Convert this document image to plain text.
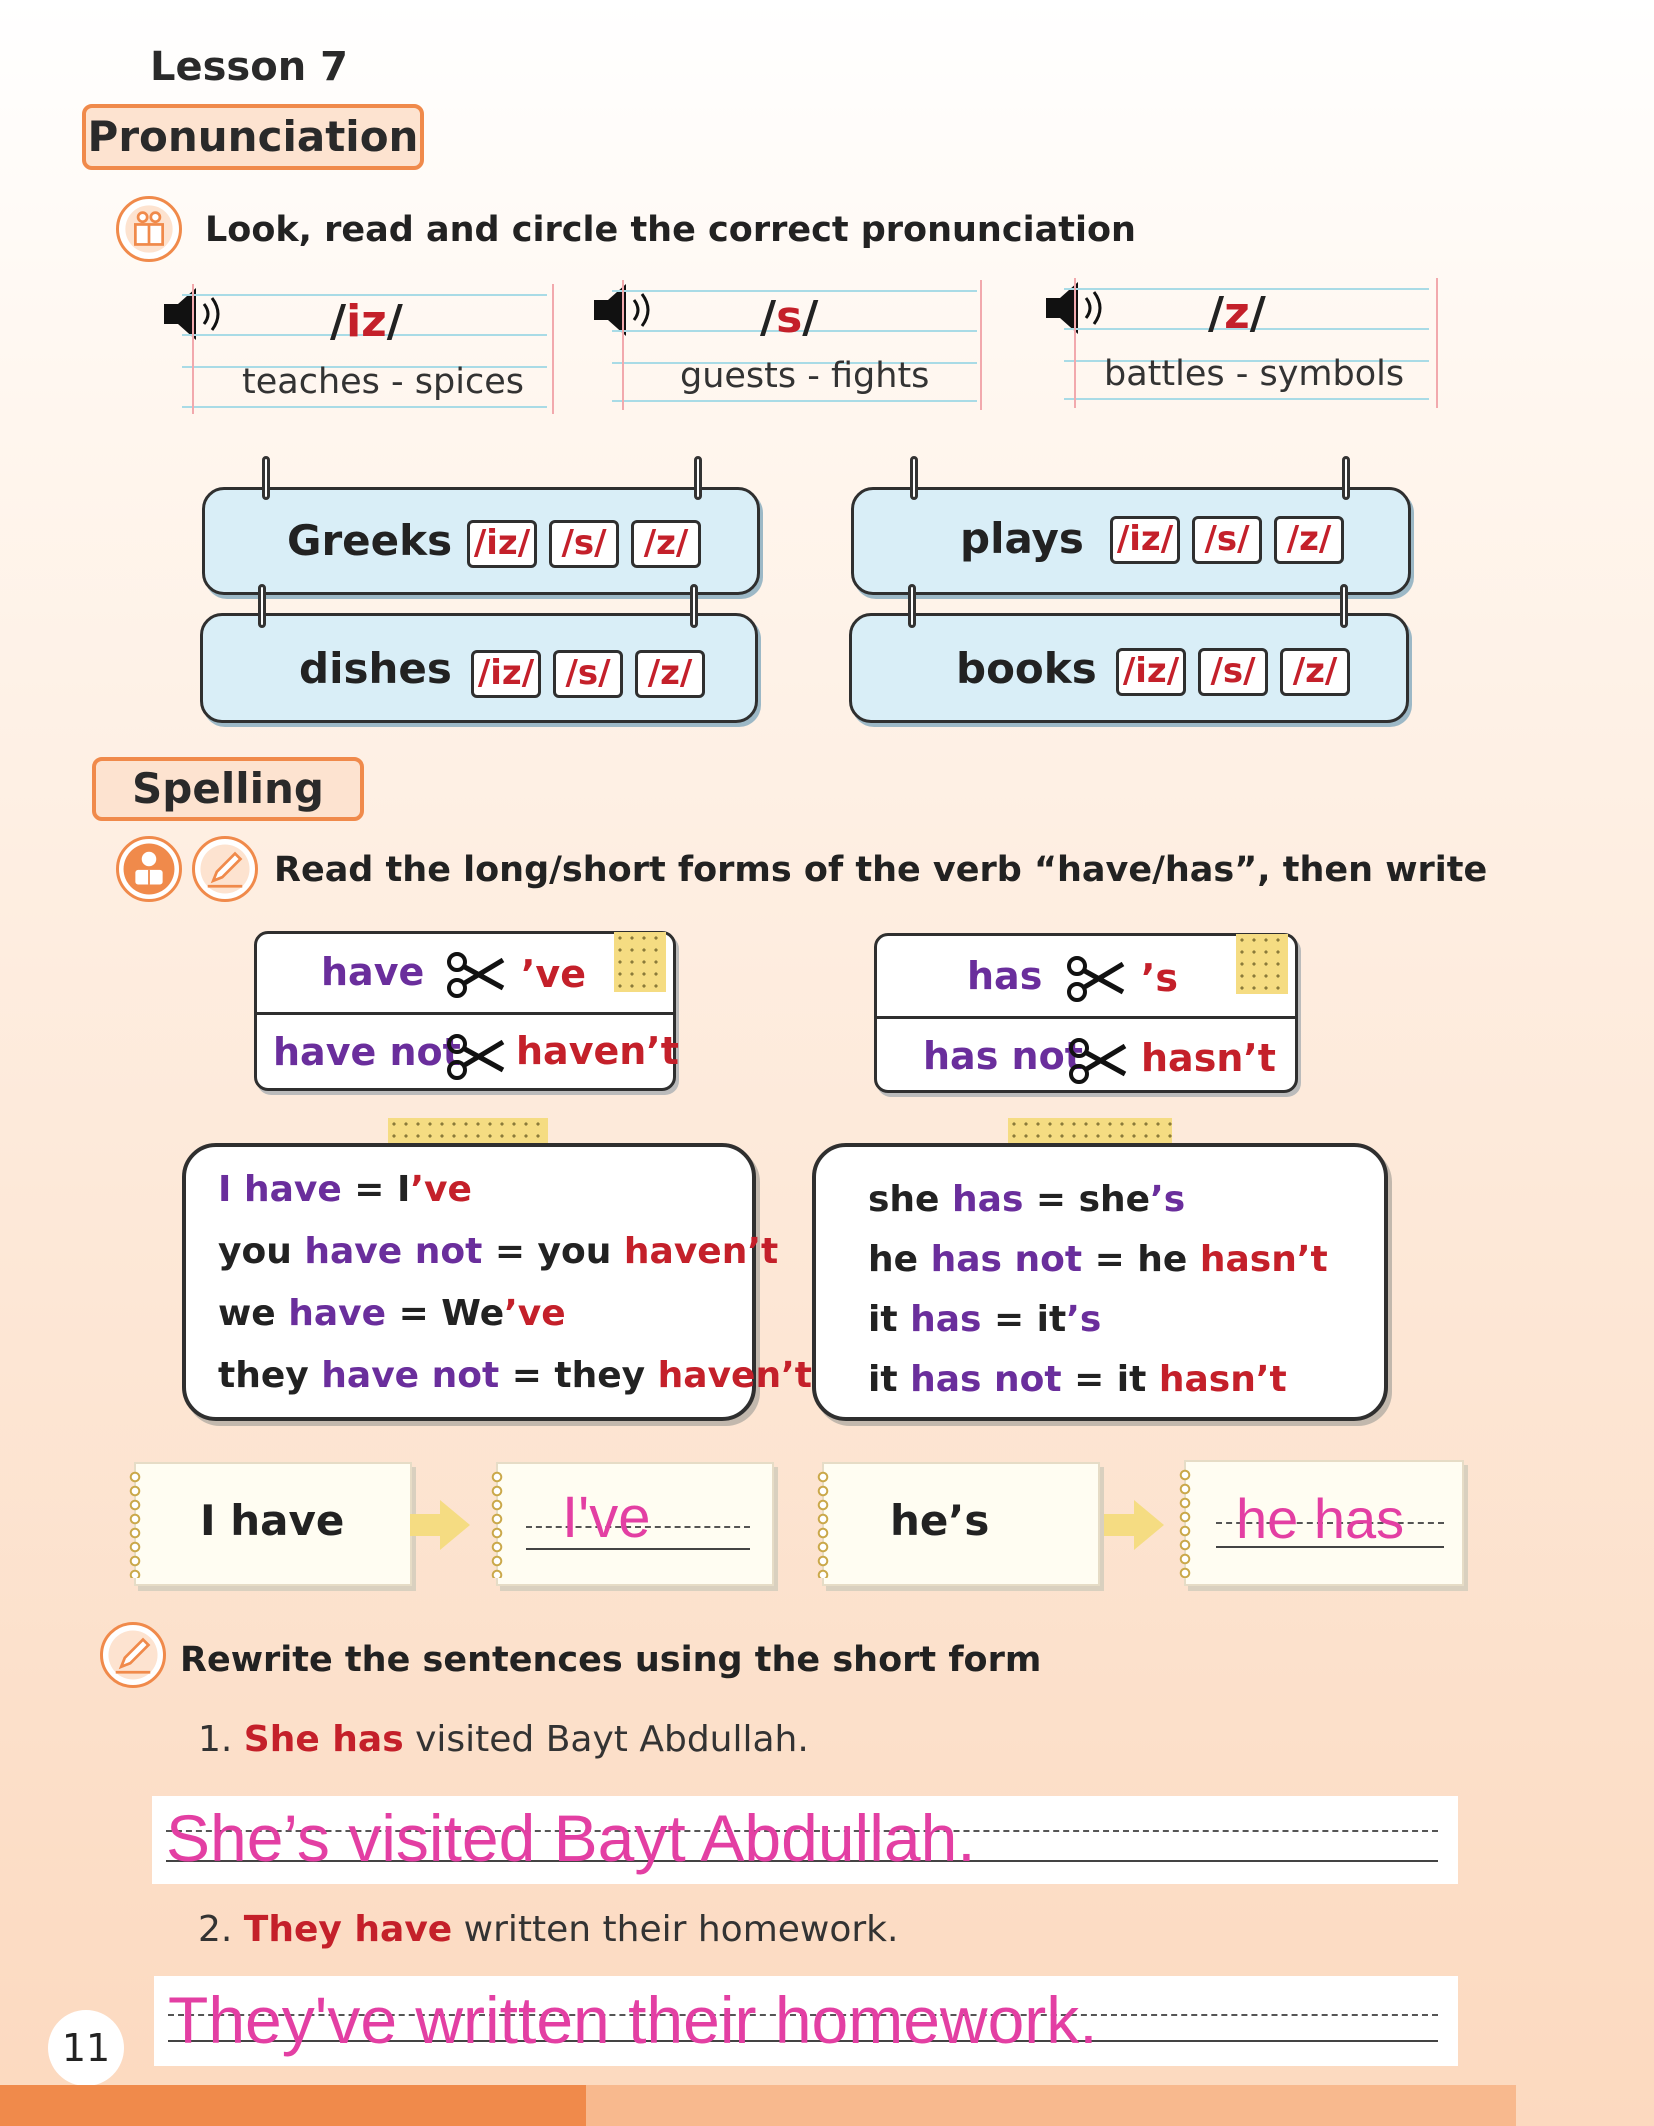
Lesson 7
Pronunciation
Look, read and circle the correct pronunciation
/iz/
teaches - spices
/s/
guests - fights
/z/
battles - symbols
Greeks /iz/ /s/	/z/
dishes /iz/ /s/	/z/
plays /iz/ /s/	/z/
books /iz/ /s/	/z/
Spelling
Read the long/short forms of the verb “have/has”, then write
have	’ve
have not haven’t
has	’s
has not hasn’t
I have = I’ve
you have not = you haven’t
we have = We’ve
they have not = they haven’t
she has = she’s
he has not = he hasn’t
it has = it’s
it has not = it hasn’t
I have	I've	he’s	he has
Rewrite the sentences using the short form
1. She has visited Bayt Abdullah.
She’s visited Bayt Abdullah.
2. They have written their homework.
They've written their homework.
11
